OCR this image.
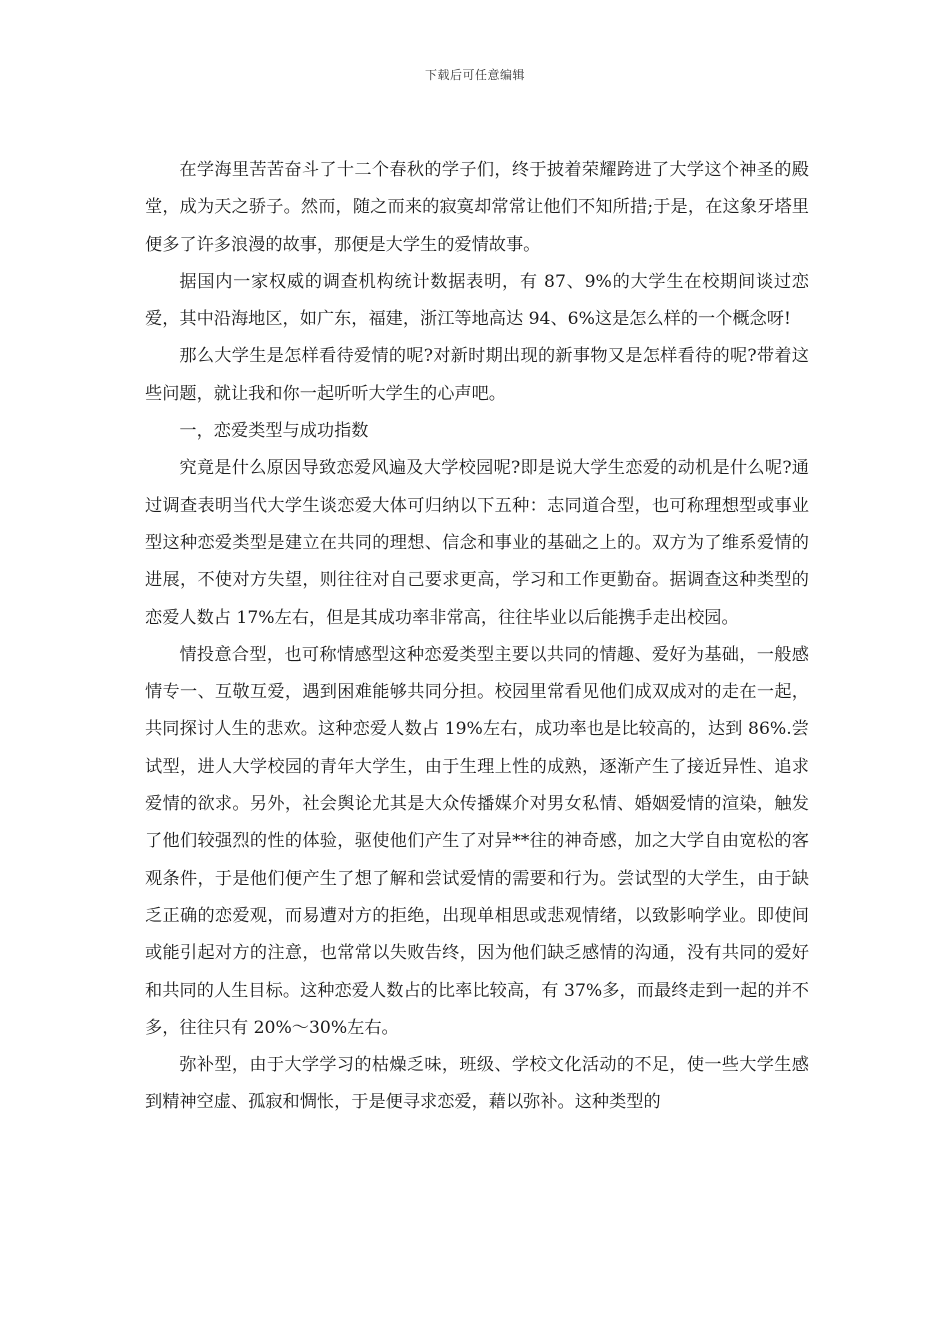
下载后可任意编辑

在学海里苦苦奋斗了十二个春秋的学子们，终于披着荣耀跨进了大学这个神圣的殿堂，成为天之骄子。然而，随之而来的寂寞却常常让他们不知所措;于是，在这象牙塔里便多了许多浪漫的故事，那便是大学生的爱情故事。

据国内一家权威的调查机构统计数据表明，有 87、9%的大学生在校期间谈过恋爱，其中沿海地区，如广东，福建，浙江等地高达 94、6%这是怎么样的一个概念呀!

那么大学生是怎样看待爱情的呢?对新时期出现的新事物又是怎样看待的呢?带着这些问题，就让我和你一起听听大学生的心声吧。

一，恋爱类型与成功指数

究竟是什么原因导致恋爱风遍及大学校园呢?即是说大学生恋爱的动机是什么呢?通过调查表明当代大学生谈恋爱大体可归纳以下五种：志同道合型，也可称理想型或事业型这种恋爱类型是建立在共同的理想、信念和事业的基础之上的。双方为了维系爱情的进展，不使对方失望，则往往对自己要求更高，学习和工作更勤奋。据调查这种类型的恋爱人数占 17%左右，但是其成功率非常高，往往毕业以后能携手走出校园。

情投意合型，也可称情感型这种恋爱类型主要以共同的情趣、爱好为基础，一般感情专一、互敬互爱，遇到困难能够共同分担。校园里常看见他们成双成对的走在一起，共同探讨人生的悲欢。这种恋爱人数占 19%左右，成功率也是比较高的，达到 86%.尝试型，进人大学校园的青年大学生，由于生理上性的成熟，逐渐产生了接近异性、追求爱情的欲求。另外，社会舆论尤其是大众传播媒介对男女私情、婚姻爱情的渲染，触发了他们较强烈的性的体验，驱使他们产生了对异**往的神奇感，加之大学自由宽松的客观条件，于是他们便产生了想了解和尝试爱情的需要和行为。尝试型的大学生，由于缺乏正确的恋爱观，而易遭对方的拒绝，出现单相思或悲观情绪，以致影响学业。即使间或能引起对方的注意，也常常以失败告终，因为他们缺乏感情的沟通，没有共同的爱好和共同的人生目标。这种恋爱人数占的比率比较高，有 37%多，而最终走到一起的并不多，往往只有 20%～30%左右。

弥补型，由于大学学习的枯燥乏味，班级、学校文化活动的不足，使一些大学生感到精神空虚、孤寂和惆怅，于是便寻求恋爱，藉以弥补。这种类型的
